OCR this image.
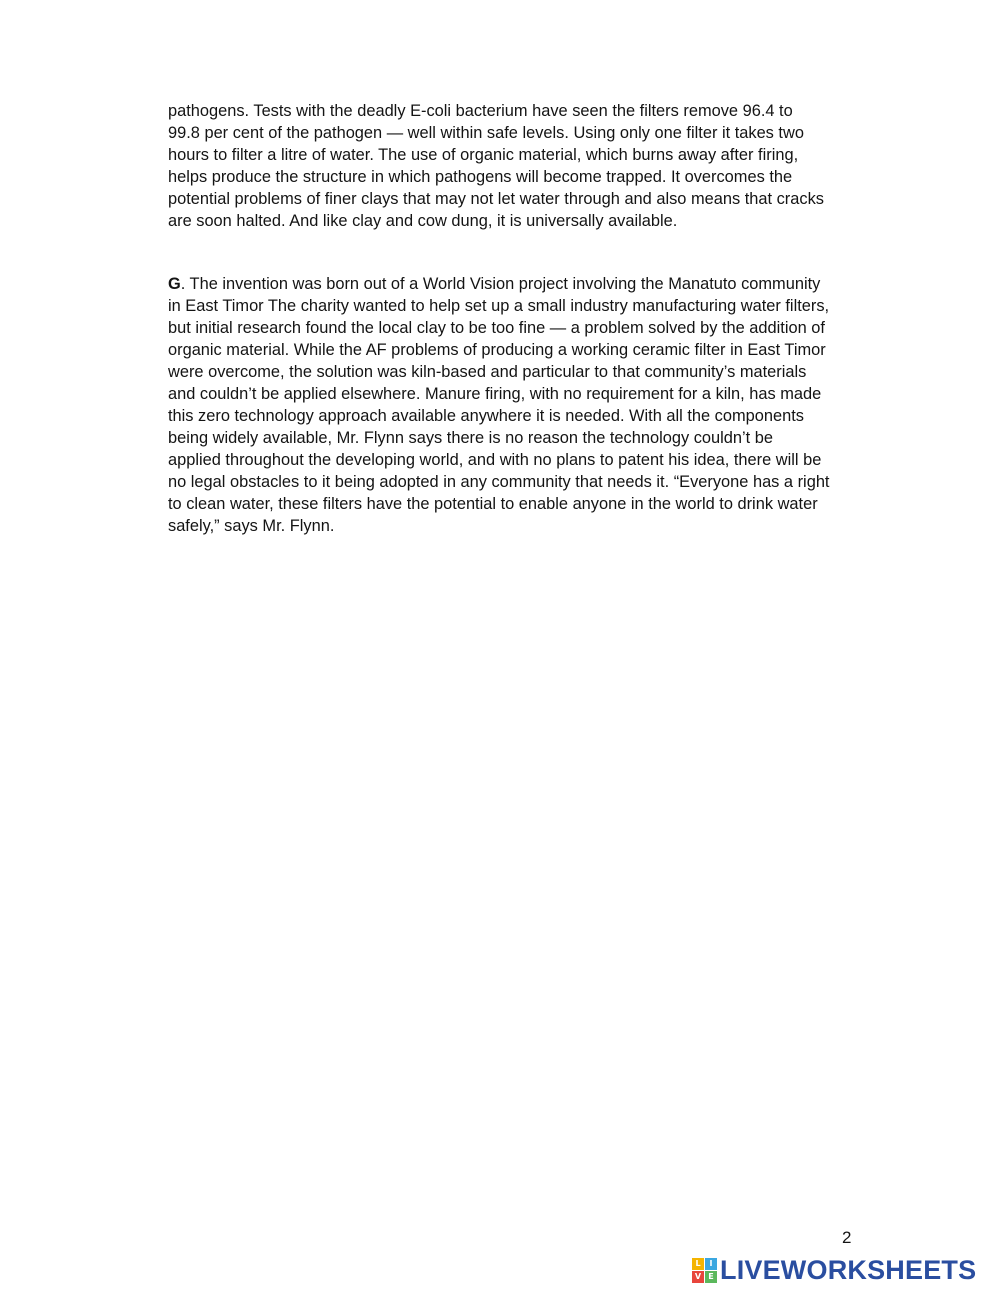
pathogens. Tests with the deadly E-coli bacterium have seen the filters remove 96.4 to
99.8 per cent of the pathogen — well within safe levels. Using only one filter it takes two
hours to filter a litre of water. The use of organic material, which burns away after firing,
helps produce the structure in which pathogens will become trapped. It overcomes the
potential problems of finer clays that may not let water through and also means that cracks
are soon halted. And like clay and cow dung, it is universally available.

G. The invention was born out of a World Vision project involving the Manatuto community
in East Timor The charity wanted to help set up a small industry manufacturing water filters,
but initial research found the local clay to be too fine — a problem solved by the addition of
organic material. While the AF problems of producing a working ceramic filter in East Timor
were overcome, the solution was kiln-based and particular to that community’s materials
and couldn’t be applied elsewhere. Manure firing, with no requirement for a kiln, has made
this zero technology approach available anywhere it is needed. With all the components
being widely available, Mr. Flynn says there is no reason the technology couldn’t be
applied throughout the developing world, and with no plans to patent his idea, there will be
no legal obstacles to it being adopted in any community that needs it. “Everyone has a right
to clean water, these filters have the potential to enable anyone in the world to drink water
safely,” says Mr. Flynn.

2
L	I
V E LIVEWORKSHEETS
